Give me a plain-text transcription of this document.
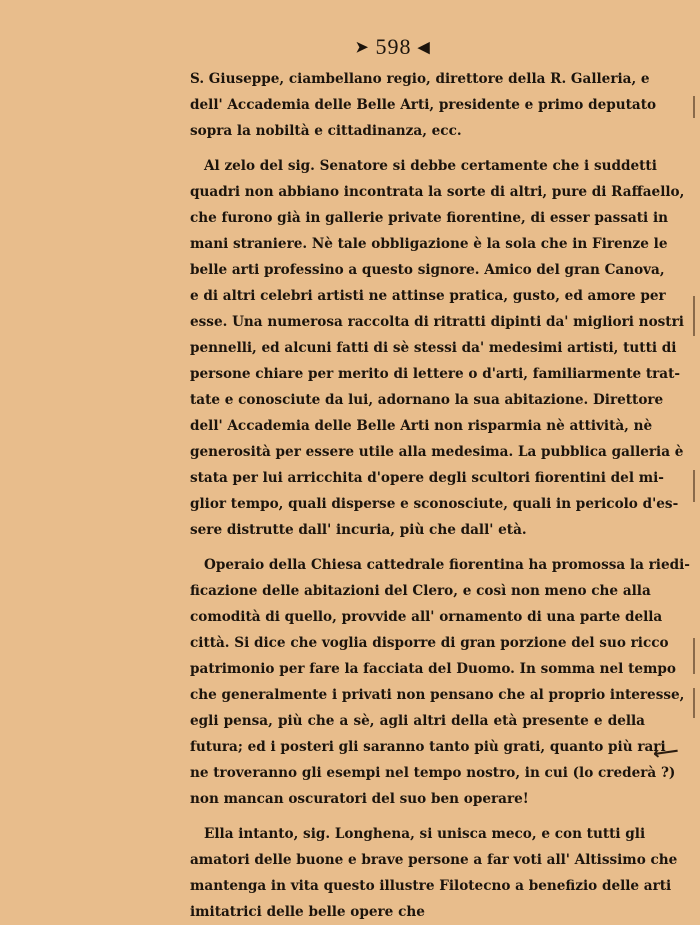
➤ 598 ◀
S. Giuseppe, ciambellano regio, direttore della R. Galleria, e
dell' Accademia delle Belle Arti, presidente e primo deputato
sopra la nobiltà e cittadinanza, ecc.
Al zelo del sig. Senatore si debbe certamente che i suddetti
quadri non abbiano incontrata la sorte di altri, pure di Raffaello,
che furono già in gallerie private fiorentine, di esser passati in
mani straniere. Nè tale obbligazione è la sola che in Firenze le
belle arti professino a questo signore. Amico del gran Canova,
e di altri celebri artisti ne attinse pratica, gusto, ed amore per
esse. Una numerosa raccolta di ritratti dipinti da' migliori nostri
pennelli, ed alcuni fatti di sè stessi da' medesimi artisti, tutti di
persone chiare per merito di lettere o d'arti, familiarmente trat-
tate e conosciute da lui, adornano la sua abitazione. Direttore
dell' Accademia delle Belle Arti non risparmia nè attività, nè
generosità per essere utile alla medesima. La pubblica galleria è
stata per lui arricchita d'opere degli scultori fiorentini del mi-
glior tempo, quali disperse e sconosciute, quali in pericolo d'es-
sere distrutte dall' incuria, più che dall' età.
Operaio della Chiesa cattedrale fiorentina ha promossa la riedi-
ficazione delle abitazioni del Clero, e così non meno che alla
comodità di quello, provvide all' ornamento di una parte della
città. Si dice che voglia disporre di gran porzione del suo ricco
patrimonio per fare la facciata del Duomo. In somma nel tempo
che generalmente i privati non pensano che al proprio interesse,
egli pensa, più che a sè, agli altri della età presente e della
futura; ed i posteri gli saranno tanto più grati, quanto più rari
ne troveranno gli esempi nel tempo nostro, in cui (lo crederà ?)
non mancan oscuratori del suo ben operare!
Ella intanto, sig. Longhena, si unisca meco, e con tutti gli
amatori delle buone e brave persone a far voti all' Altissimo che
mantenga in vita questo illustre Filotecno a benefizio delle arti
imitatrici delle belle opere che
⟵
